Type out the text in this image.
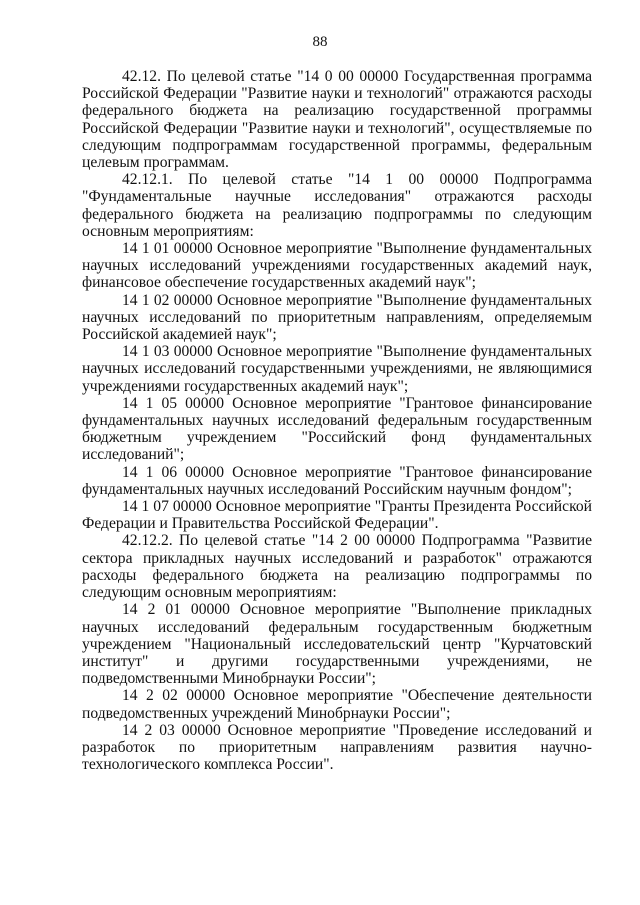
88

42.12. По целевой статье "14 0 00 00000 Государственная программа Российской Федерации "Развитие науки и технологий" отражаются расходы федерального бюджета на реализацию государственной программы Российской Федерации "Развитие науки и технологий", осуществляемые по следующим подпрограммам государственной программы, федеральным целевым программам.

42.12.1. По целевой статье "14 1 00 00000 Подпрограмма "Фундаментальные научные исследования" отражаются расходы федерального бюджета на реализацию подпрограммы по следующим основным мероприятиям:

14 1 01 00000 Основное мероприятие "Выполнение фундаментальных научных исследований учреждениями государственных академий наук, финансовое обеспечение государственных академий наук";

14 1 02 00000 Основное мероприятие "Выполнение фундаментальных научных исследований по приоритетным направлениям, определяемым Российской академией наук";

14 1 03 00000 Основное мероприятие "Выполнение фундаментальных научных исследований государственными учреждениями, не являющимися учреждениями государственных академий наук";

14 1 05 00000 Основное мероприятие "Грантовое финансирование фундаментальных научных исследований федеральным государственным бюджетным учреждением "Российский фонд фундаментальных исследований";

14 1 06 00000 Основное мероприятие "Грантовое финансирование фундаментальных научных исследований Российским научным фондом";

14 1 07 00000 Основное мероприятие "Гранты Президента Российской Федерации и Правительства Российской Федерации".

42.12.2. По целевой статье "14 2 00 00000 Подпрограмма "Развитие сектора прикладных научных исследований и разработок" отражаются расходы федерального бюджета на реализацию подпрограммы по следующим основным мероприятиям:

14 2 01 00000 Основное мероприятие "Выполнение прикладных научных исследований федеральным государственным бюджетным учреждением "Национальный исследовательский центр "Курчатовский институт" и другими государственными учреждениями, не подведомственными Минобрнауки России";

14 2 02 00000 Основное мероприятие "Обеспечение деятельности подведомственных учреждений Минобрнауки России";

14 2 03 00000 Основное мероприятие "Проведение исследований и разработок по приоритетным направлениям развития научно-технологического комплекса России".
